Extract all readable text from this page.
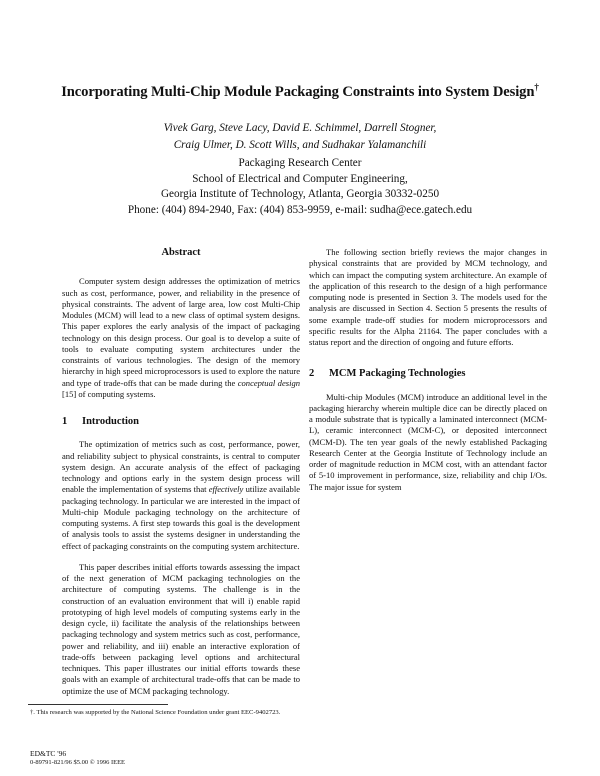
Incorporating Multi-Chip Module Packaging Constraints into System Design†
Vivek Garg, Steve Lacy, David E. Schimmel, Darrell Stogner,
Craig Ulmer, D. Scott Wills, and Sudhakar Yalamanchili
Packaging Research Center
School of Electrical and Computer Engineering,
Georgia Institute of Technology, Atlanta, Georgia 30332-0250
Phone: (404) 894-2940, Fax: (404) 853-9959, e-mail: sudha@ece.gatech.edu
Abstract

Computer system design addresses the optimization of metrics such as cost, performance, power, and reliability in the presence of physical constraints. The advent of large area, low cost Multi-Chip Modules (MCM) will lead to a new class of optimal system designs. This paper explores the early analysis of the impact of packaging technology on this design process. Our goal is to develop a suite of tools to evaluate computing system architectures under the constraints of various technologies. The design of the memory hierarchy in high speed microprocessors is used to explore the nature and type of trade-offs that can be made during the conceptual design [15] of computing systems.

1	Introduction

The optimization of metrics such as cost, performance, power, and reliability subject to physical constraints, is central to computer system design. An accurate analysis of the effect of packaging technology and options early in the system design process will enable the implementation of systems that effectively utilize available packaging technology. In particular we are interested in the impact of Multi-chip Module packaging technology on the architecture of computing systems. A first step towards this goal is the development of analysis tools to assist the systems designer in understanding the effect of packaging constraints on the computing system architecture.

This paper describes initial efforts towards assessing the impact of the next generation of MCM packaging technologies on the architecture of computing systems. The challenge is in the construction of an evaluation environment that will i) enable rapid prototyping of high level models of computing systems early in the design cycle, ii) facilitate the analysis of the relationships between packaging technology and system metrics such as cost, performance, power and reliability, and iii) enable an interactive exploration of trade-offs between packaging level options and architectural techniques. This paper illustrates our initial efforts towards these goals with an example of architectural trade-offs that can be made to optimize the use of MCM packaging technology.

The following section briefly reviews the major changes in physical constraints that are provided by MCM technology, and which can impact the computing system architecture. An example of the application of this research to the design of a high performance computing node is presented in Section 3. The models used for the analysis are discussed in Section 4. Section 5 presents the results of some example trade-off studies for modern microprocessors and specific results for the Alpha 21164. The paper concludes with a status report and the direction of ongoing and future efforts.

2	MCM Packaging Technologies

Multi-chip Modules (MCM) introduce an additional level in the packaging hierarchy wherein multiple dice can be directly placed on a module substrate that is typically a laminated interconnect (MCM-L), ceramic interconnect (MCM-C), or deposited interconnect (MCM-D). The ten year goals of the newly established Packaging Research Center at the Georgia Institute of Technology include an order of magnitude reduction in MCM cost, with an attendant factor of 5-10 improvement in performance, size, reliability and chip I/Os. The major issue for system

†. This research was supported by the National Science Foundation under grant EEC-9402723.
ED&TC '96
0-89791-821/96 $5.00 © 1996 IEEE
